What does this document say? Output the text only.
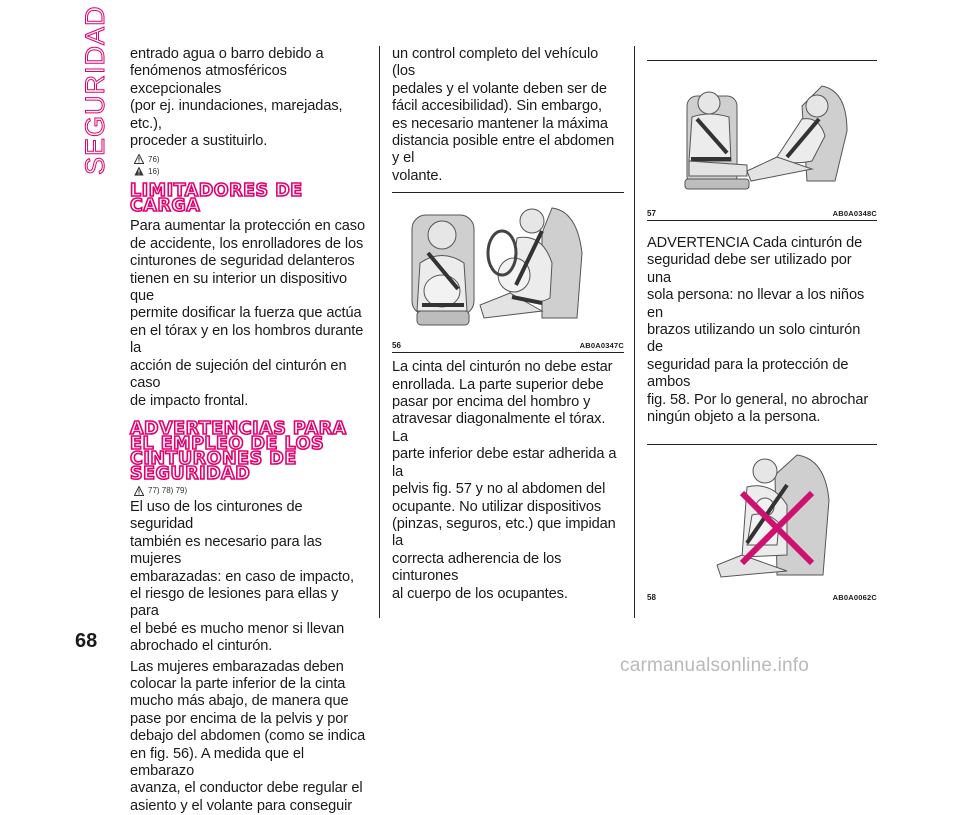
SEGURIDAD entrado agua o barro debido a
fenómenos atmosféricos excepcionales
(por ej. inundaciones, marejadas, etc.),
proceder a sustituirlo.

76)
16)
LIMITADORES DE CARGA

Para aumentar la protección en caso
de accidente, los enrolladores de los
cinturones de seguridad delanteros
tienen en su interior un dispositivo que
permite dosificar la fuerza que actúa
en el tórax y en los hombros durante la
acción de sujeción del cinturón en caso
de impacto frontal.

ADVERTENCIAS PARA
EL EMPLEO DE LOS
CINTURONES DE
SEGURIDAD
77) 78) 79)

El uso de los cinturones de seguridad
también es necesario para las mujeres
embarazadas: en caso de impacto,
el riesgo de lesiones para ellas y para
el bebé es mucho menor si llevan
abrochado el cinturón.

Las mujeres embarazadas deben
colocar la parte inferior de la cinta
mucho más abajo, de manera que
pase por encima de la pelvis y por
debajo del abdomen (como se indica
en fig. 56). A medida que el embarazo
avanza, el conductor debe regular el
asiento y el volante para conseguir

un control completo del vehículo (los
pedales y el volante deben ser de
fácil accesibilidad). Sin embargo,
es necesario mantener la máxima
distancia posible entre el abdomen y el
volante.

56	AB0A0347C

La cinta del cinturón no debe estar
enrollada. La parte superior debe
pasar por encima del hombro y
atravesar diagonalmente el tórax. La
parte inferior debe estar adherida a la
pelvis fig. 57 y no al abdomen del
ocupante. No utilizar dispositivos
(pinzas, seguros, etc.) que impidan la
correcta adherencia de los cinturones
al cuerpo de los ocupantes.

57	AB0A0348C

ADVERTENCIA Cada cinturón de
seguridad debe ser utilizado por una
sola persona: no llevar a los niños en
brazos utilizando un solo cinturón de
seguridad para la protección de ambos
fig. 58. Por lo general, no abrochar
ningún objeto a la persona.

58	AB0A0062C
68
carmanualsonline.info
